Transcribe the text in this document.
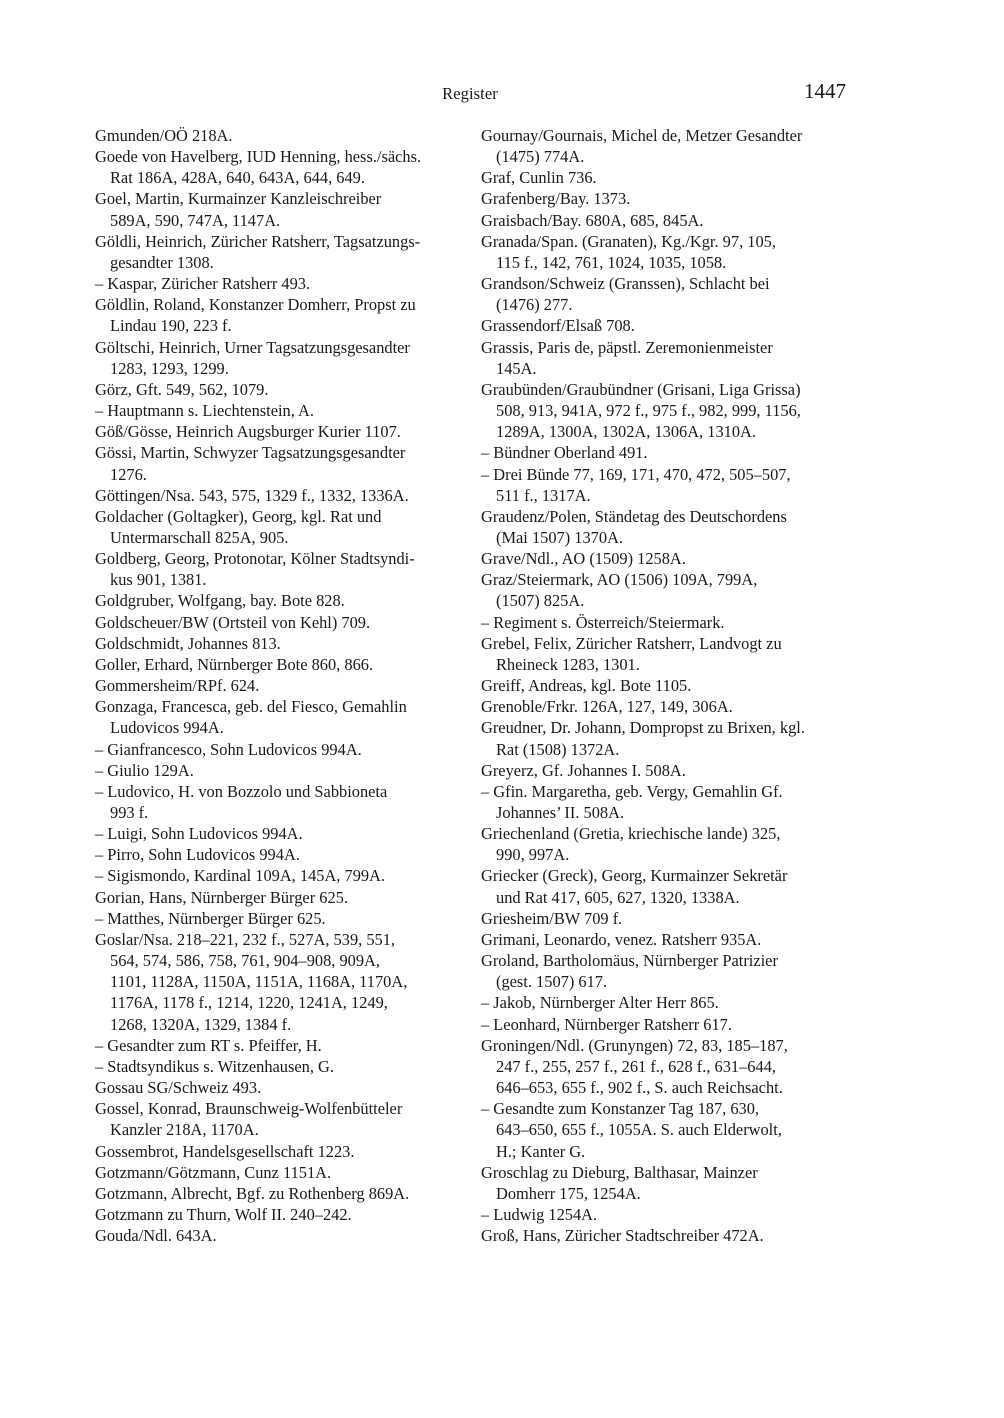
Register	1447
Gmunden/OÖ 218A.
Goede von Havelberg, IUD Henning, hess./sächs.
Rat 186A, 428A, 640, 643A, 644, 649.
Goel, Martin, Kurmainzer Kanzleischreiber
589A, 590, 747A, 1147A.
Göldli, Heinrich, Züricher Ratsherr, Tagsatzungs-
gesandter 1308.
– Kaspar, Züricher Ratsherr 493.
Göldlin, Roland, Konstanzer Domherr, Propst zu
Lindau 190, 223 f.
Göltschi, Heinrich, Urner Tagsatzungsgesandter
1283, 1293, 1299.
Görz, Gft. 549, 562, 1079.
– Hauptmann s. Liechtenstein, A.
Göß/Gösse, Heinrich Augsburger Kurier 1107.
Gössi, Martin, Schwyzer Tagsatzungsgesandter
1276.
Göttingen/Nsa. 543, 575, 1329 f., 1332, 1336A.
Goldacher (Goltagker), Georg, kgl. Rat und
Untermarschall 825A, 905.
Goldberg, Georg, Protonotar, Kölner Stadtsyndi-
kus 901, 1381.
Goldgruber, Wolfgang, bay. Bote 828.
Goldscheuer/BW (Ortsteil von Kehl) 709.
Goldschmidt, Johannes 813.
Goller, Erhard, Nürnberger Bote 860, 866.
Gommersheim/RPf. 624.
Gonzaga, Francesca, geb. del Fiesco, Gemahlin
Ludovicos 994A.
– Gianfrancesco, Sohn Ludovicos 994A.
– Giulio 129A.
– Ludovico, H. von Bozzolo und Sabbioneta
993 f.
– Luigi, Sohn Ludovicos 994A.
– Pirro, Sohn Ludovicos 994A.
– Sigismondo, Kardinal 109A, 145A, 799A.
Gorian, Hans, Nürnberger Bürger 625.
– Matthes, Nürnberger Bürger 625.
Goslar/Nsa. 218–221, 232 f., 527A, 539, 551,
564, 574, 586, 758, 761, 904–908, 909A,
1101, 1128A, 1150A, 1151A, 1168A, 1170A,
1176A, 1178 f., 1214, 1220, 1241A, 1249,
1268, 1320A, 1329, 1384 f.
– Gesandter zum RT s. Pfeiffer, H.
– Stadtsyndikus s. Witzenhausen, G.
Gossau SG/Schweiz 493.
Gossel, Konrad, Braunschweig-Wolfenbütteler
Kanzler 218A, 1170A.
Gossembrot, Handelsgesellschaft 1223.
Gotzmann/Götzmann, Cunz 1151A.
Gotzmann, Albrecht, Bgf. zu Rothenberg 869A.
Gotzmann zu Thurn, Wolf II. 240–242.
Gouda/Ndl. 643A.
Gournay/Gournais, Michel de, Metzer Gesandter
(1475) 774A.
Graf, Cunlin 736.
Grafenberg/Bay. 1373.
Graisbach/Bay. 680A, 685, 845A.
Granada/Span. (Granaten), Kg./Kgr. 97, 105,
115 f., 142, 761, 1024, 1035, 1058.
Grandson/Schweiz (Granssen), Schlacht bei
(1476) 277.
Grassendorf/Elsaß 708.
Grassis, Paris de, päpstl. Zeremonienmeister
145A.
Graubünden/Graubündner (Grisani, Liga Grissa)
508, 913, 941A, 972 f., 975 f., 982, 999, 1156,
1289A, 1300A, 1302A, 1306A, 1310A.
– Bündner Oberland 491.
– Drei Bünde 77, 169, 171, 470, 472, 505–507,
511 f., 1317A.
Graudenz/Polen, Ständetag des Deutschordens
(Mai 1507) 1370A.
Grave/Ndl., AO (1509) 1258A.
Graz/Steiermark, AO (1506) 109A, 799A,
(1507) 825A.
– Regiment s. Österreich/Steiermark.
Grebel, Felix, Züricher Ratsherr, Landvogt zu
Rheineck 1283, 1301.
Greiff, Andreas, kgl. Bote 1105.
Grenoble/Frkr. 126A, 127, 149, 306A.
Greudner, Dr. Johann, Dompropst zu Brixen, kgl.
Rat (1508) 1372A.
Greyerz, Gf. Johannes I. 508A.
– Gfin. Margaretha, geb. Vergy, Gemahlin Gf.
Johannes’ II. 508A.
Griechenland (Gretia, kriechische lande) 325,
990, 997A.
Griecker (Greck), Georg, Kurmainzer Sekretär
und Rat 417, 605, 627, 1320, 1338A.
Griesheim/BW 709 f.
Grimani, Leonardo, venez. Ratsherr 935A.
Groland, Bartholomäus, Nürnberger Patrizier
(gest. 1507) 617.
– Jakob, Nürnberger Alter Herr 865.
– Leonhard, Nürnberger Ratsherr 617.
Groningen/Ndl. (Grunyngen) 72, 83, 185–187,
247 f., 255, 257 f., 261 f., 628 f., 631–644,
646–653, 655 f., 902 f., S. auch Reichsacht.
– Gesandte zum Konstanzer Tag 187, 630,
643–650, 655 f., 1055A. S. auch Elderwolt,
H.; Kanter G.
Groschlag zu Dieburg, Balthasar, Mainzer
Domherr 175, 1254A.
– Ludwig 1254A.
Groß, Hans, Züricher Stadtschreiber 472A.
